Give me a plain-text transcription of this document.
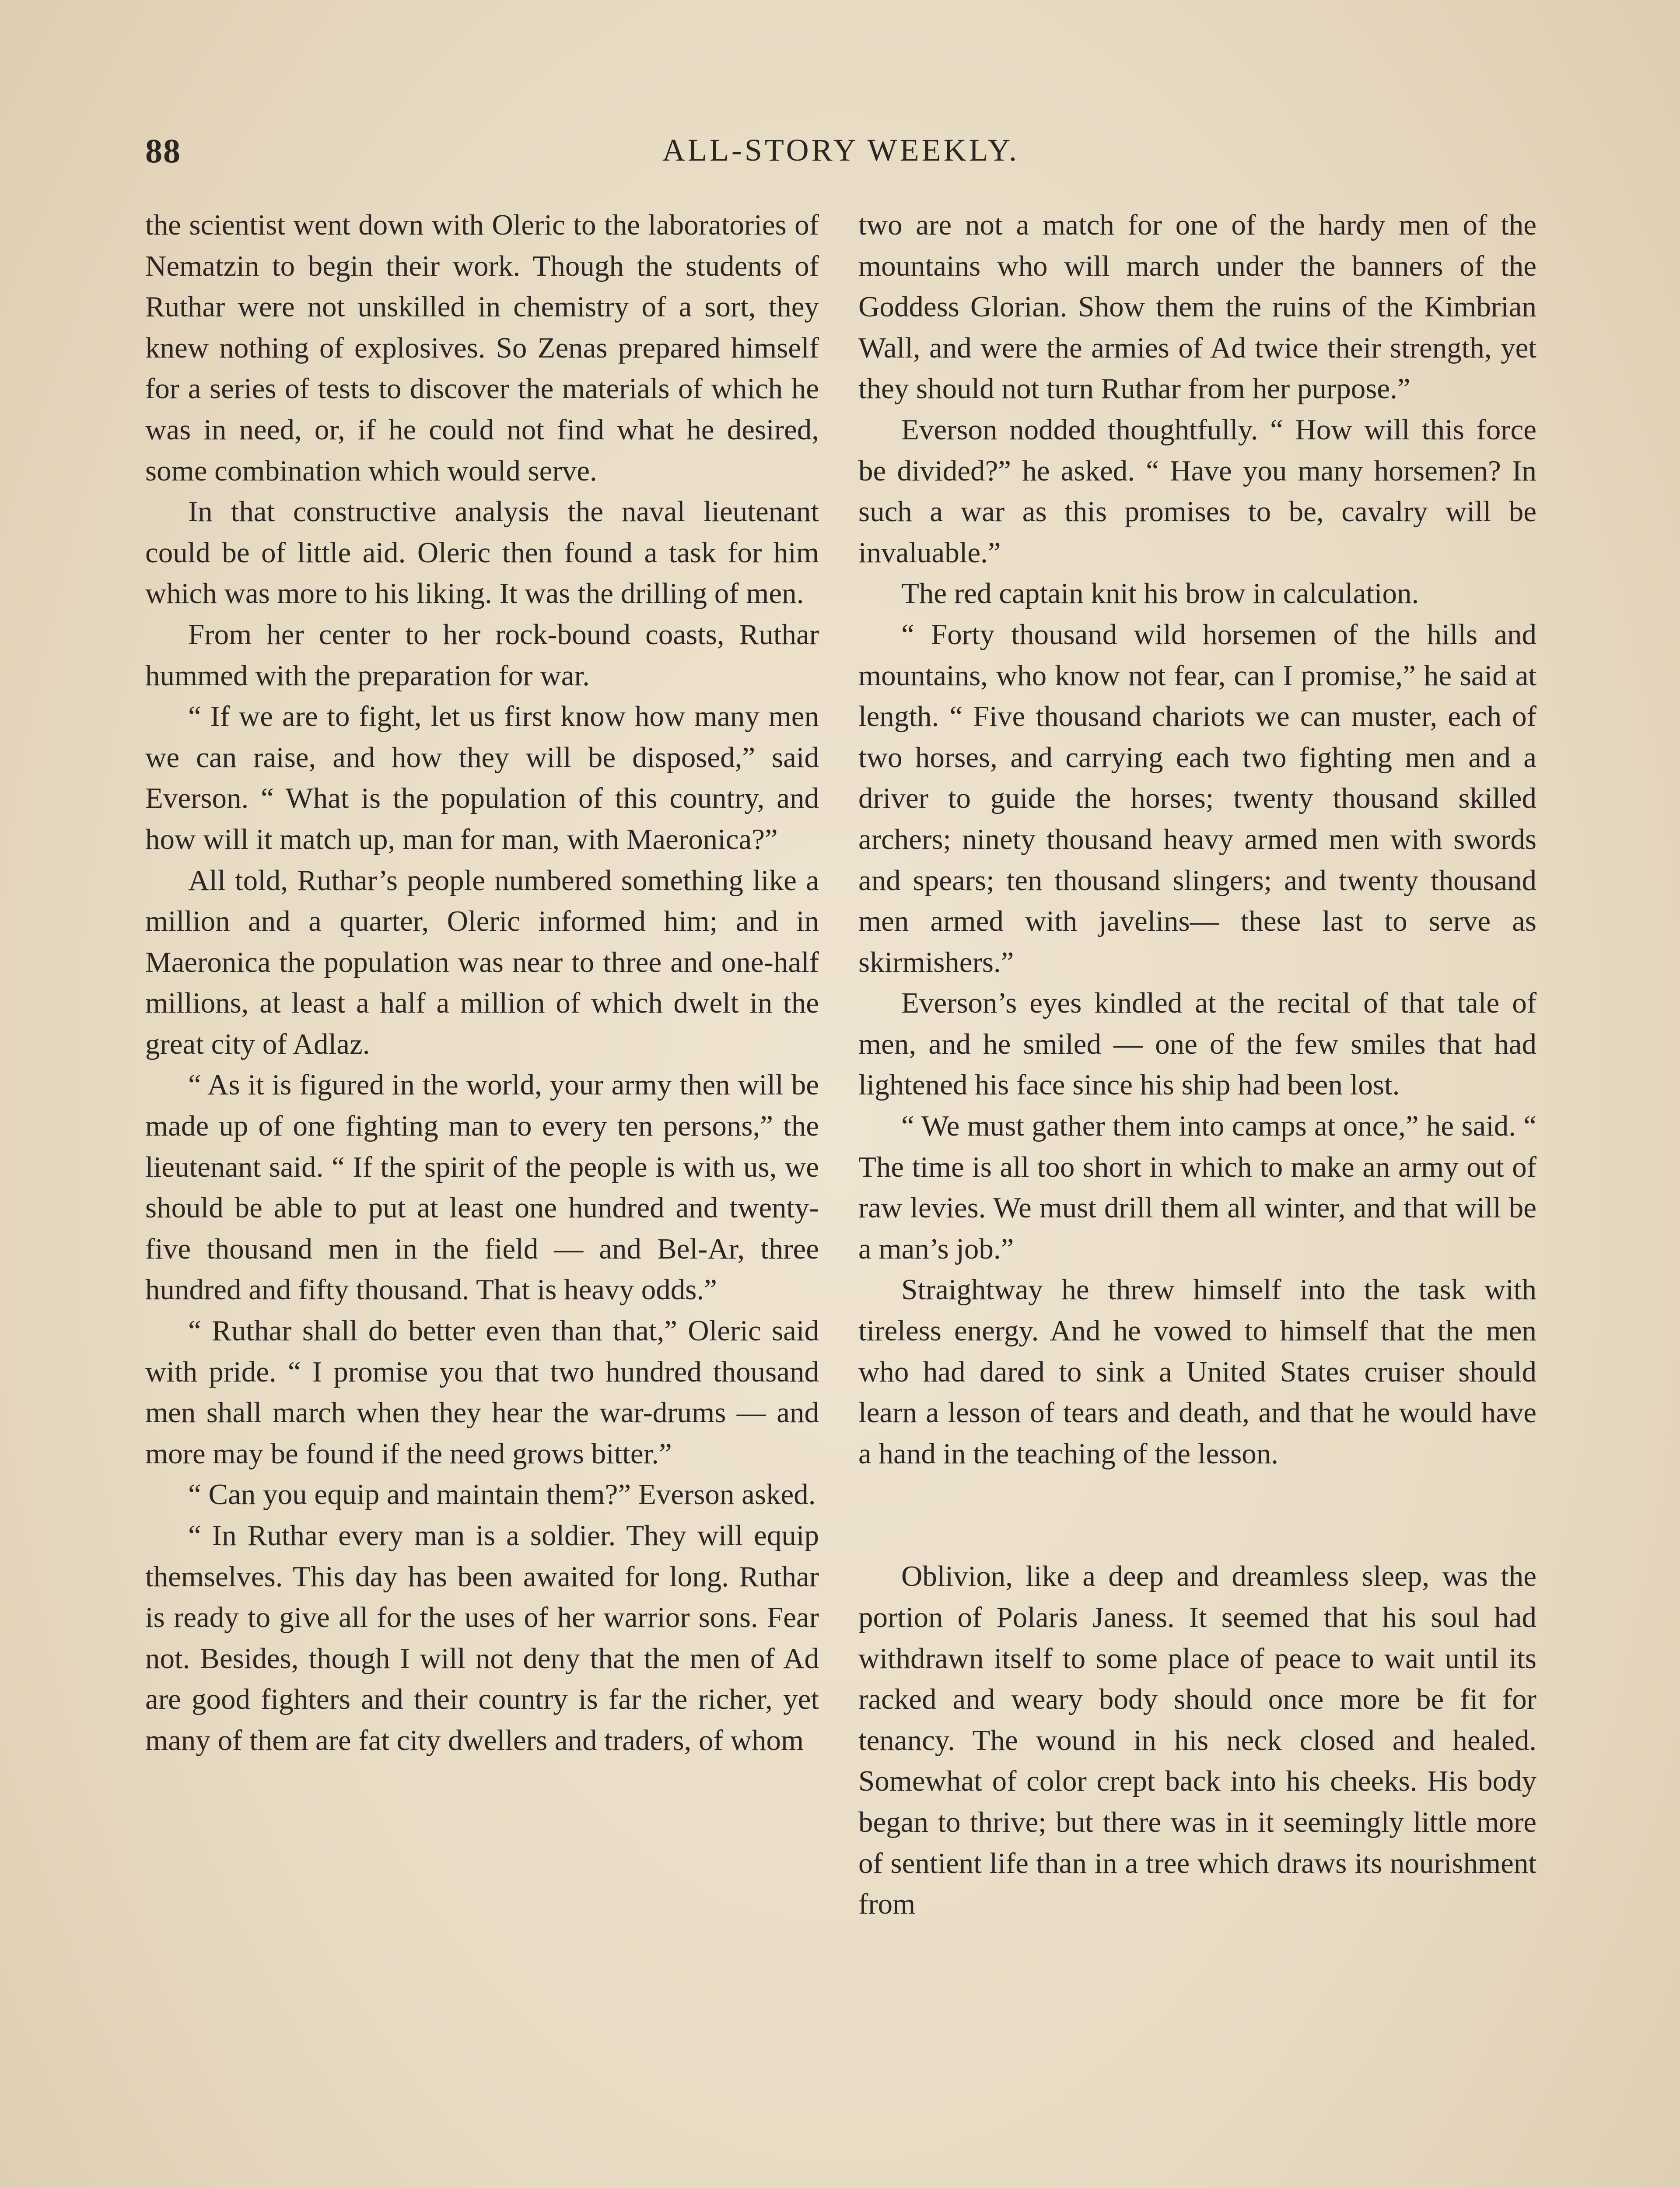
88	ALL-STORY WEEKLY.

the scientist went down with Oleric to the laboratories of Nematzin to begin their work. Though the students of Ruthar were not unskilled in chemistry of a sort, they knew nothing of explosives. So Zenas prepared himself for a series of tests to discover the materials of which he was in need, or, if he could not find what he desired, some combination which would serve.

In that constructive analysis the naval lieutenant could be of little aid. Oleric then found a task for him which was more to his liking. It was the drilling of men.

From her center to her rock-bound coasts, Ruthar hummed with the preparation for war.

“ If we are to fight, let us first know how many men we can raise, and how they will be disposed,” said Everson. “ What is the population of this country, and how will it match up, man for man, with Maeronica?”

All told, Ruthar’s people numbered something like a million and a quarter, Oleric informed him; and in Maeronica the population was near to three and one-half millions, at least a half a million of which dwelt in the great city of Adlaz.

“ As it is figured in the world, your army then will be made up of one fighting man to every ten persons,” the lieutenant said. “ If the spirit of the people is with us, we should be able to put at least one hundred and twenty-five thousand men in the field — and Bel-Ar, three hundred and fifty thousand. That is heavy odds.”

“ Ruthar shall do better even than that,” Oleric said with pride. “ I promise you that two hundred thousand men shall march when they hear the war-drums — and more may be found if the need grows bitter.”

“ Can you equip and maintain them?” Everson asked.

“ In Ruthar every man is a soldier. They will equip themselves. This day has been awaited for long. Ruthar is ready to give all for the uses of her warrior sons. Fear not. Besides, though I will not deny that the men of Ad are good fighters and their country is far the richer, yet many of them are fat city dwellers and traders, of whom

two are not a match for one of the hardy men of the mountains who will march under the banners of the Goddess Glorian. Show them the ruins of the Kimbrian Wall, and were the armies of Ad twice their strength, yet they should not turn Ruthar from her purpose.”

Everson nodded thoughtfully. “ How will this force be divided?” he asked. “ Have you many horsemen? In such a war as this promises to be, cavalry will be invaluable.”

The red captain knit his brow in calculation.

“ Forty thousand wild horsemen of the hills and mountains, who know not fear, can I promise,” he said at length. “ Five thousand chariots we can muster, each of two horses, and carrying each two fighting men and a driver to guide the horses; twenty thousand skilled archers; ninety thousand heavy armed men with swords and spears; ten thousand slingers; and twenty thousand men armed with javelins— these last to serve as skirmishers.”

Everson’s eyes kindled at the recital of that tale of men, and he smiled — one of the few smiles that had lightened his face since his ship had been lost.

“ We must gather them into camps at once,” he said. “ The time is all too short in which to make an army out of raw levies. We must drill them all winter, and that will be a man’s job.”

Straightway he threw himself into the task with tireless energy. And he vowed to himself that the men who had dared to sink a United States cruiser should learn a lesson of tears and death, and that he would have a hand in the teaching of the lesson.

Oblivion, like a deep and dreamless sleep, was the portion of Polaris Janess. It seemed that his soul had withdrawn itself to some place of peace to wait until its racked and weary body should once more be fit for tenancy. The wound in his neck closed and healed. Somewhat of color crept back into his cheeks. His body began to thrive; but there was in it seemingly little more of sentient life than in a tree which draws its nourishment from
